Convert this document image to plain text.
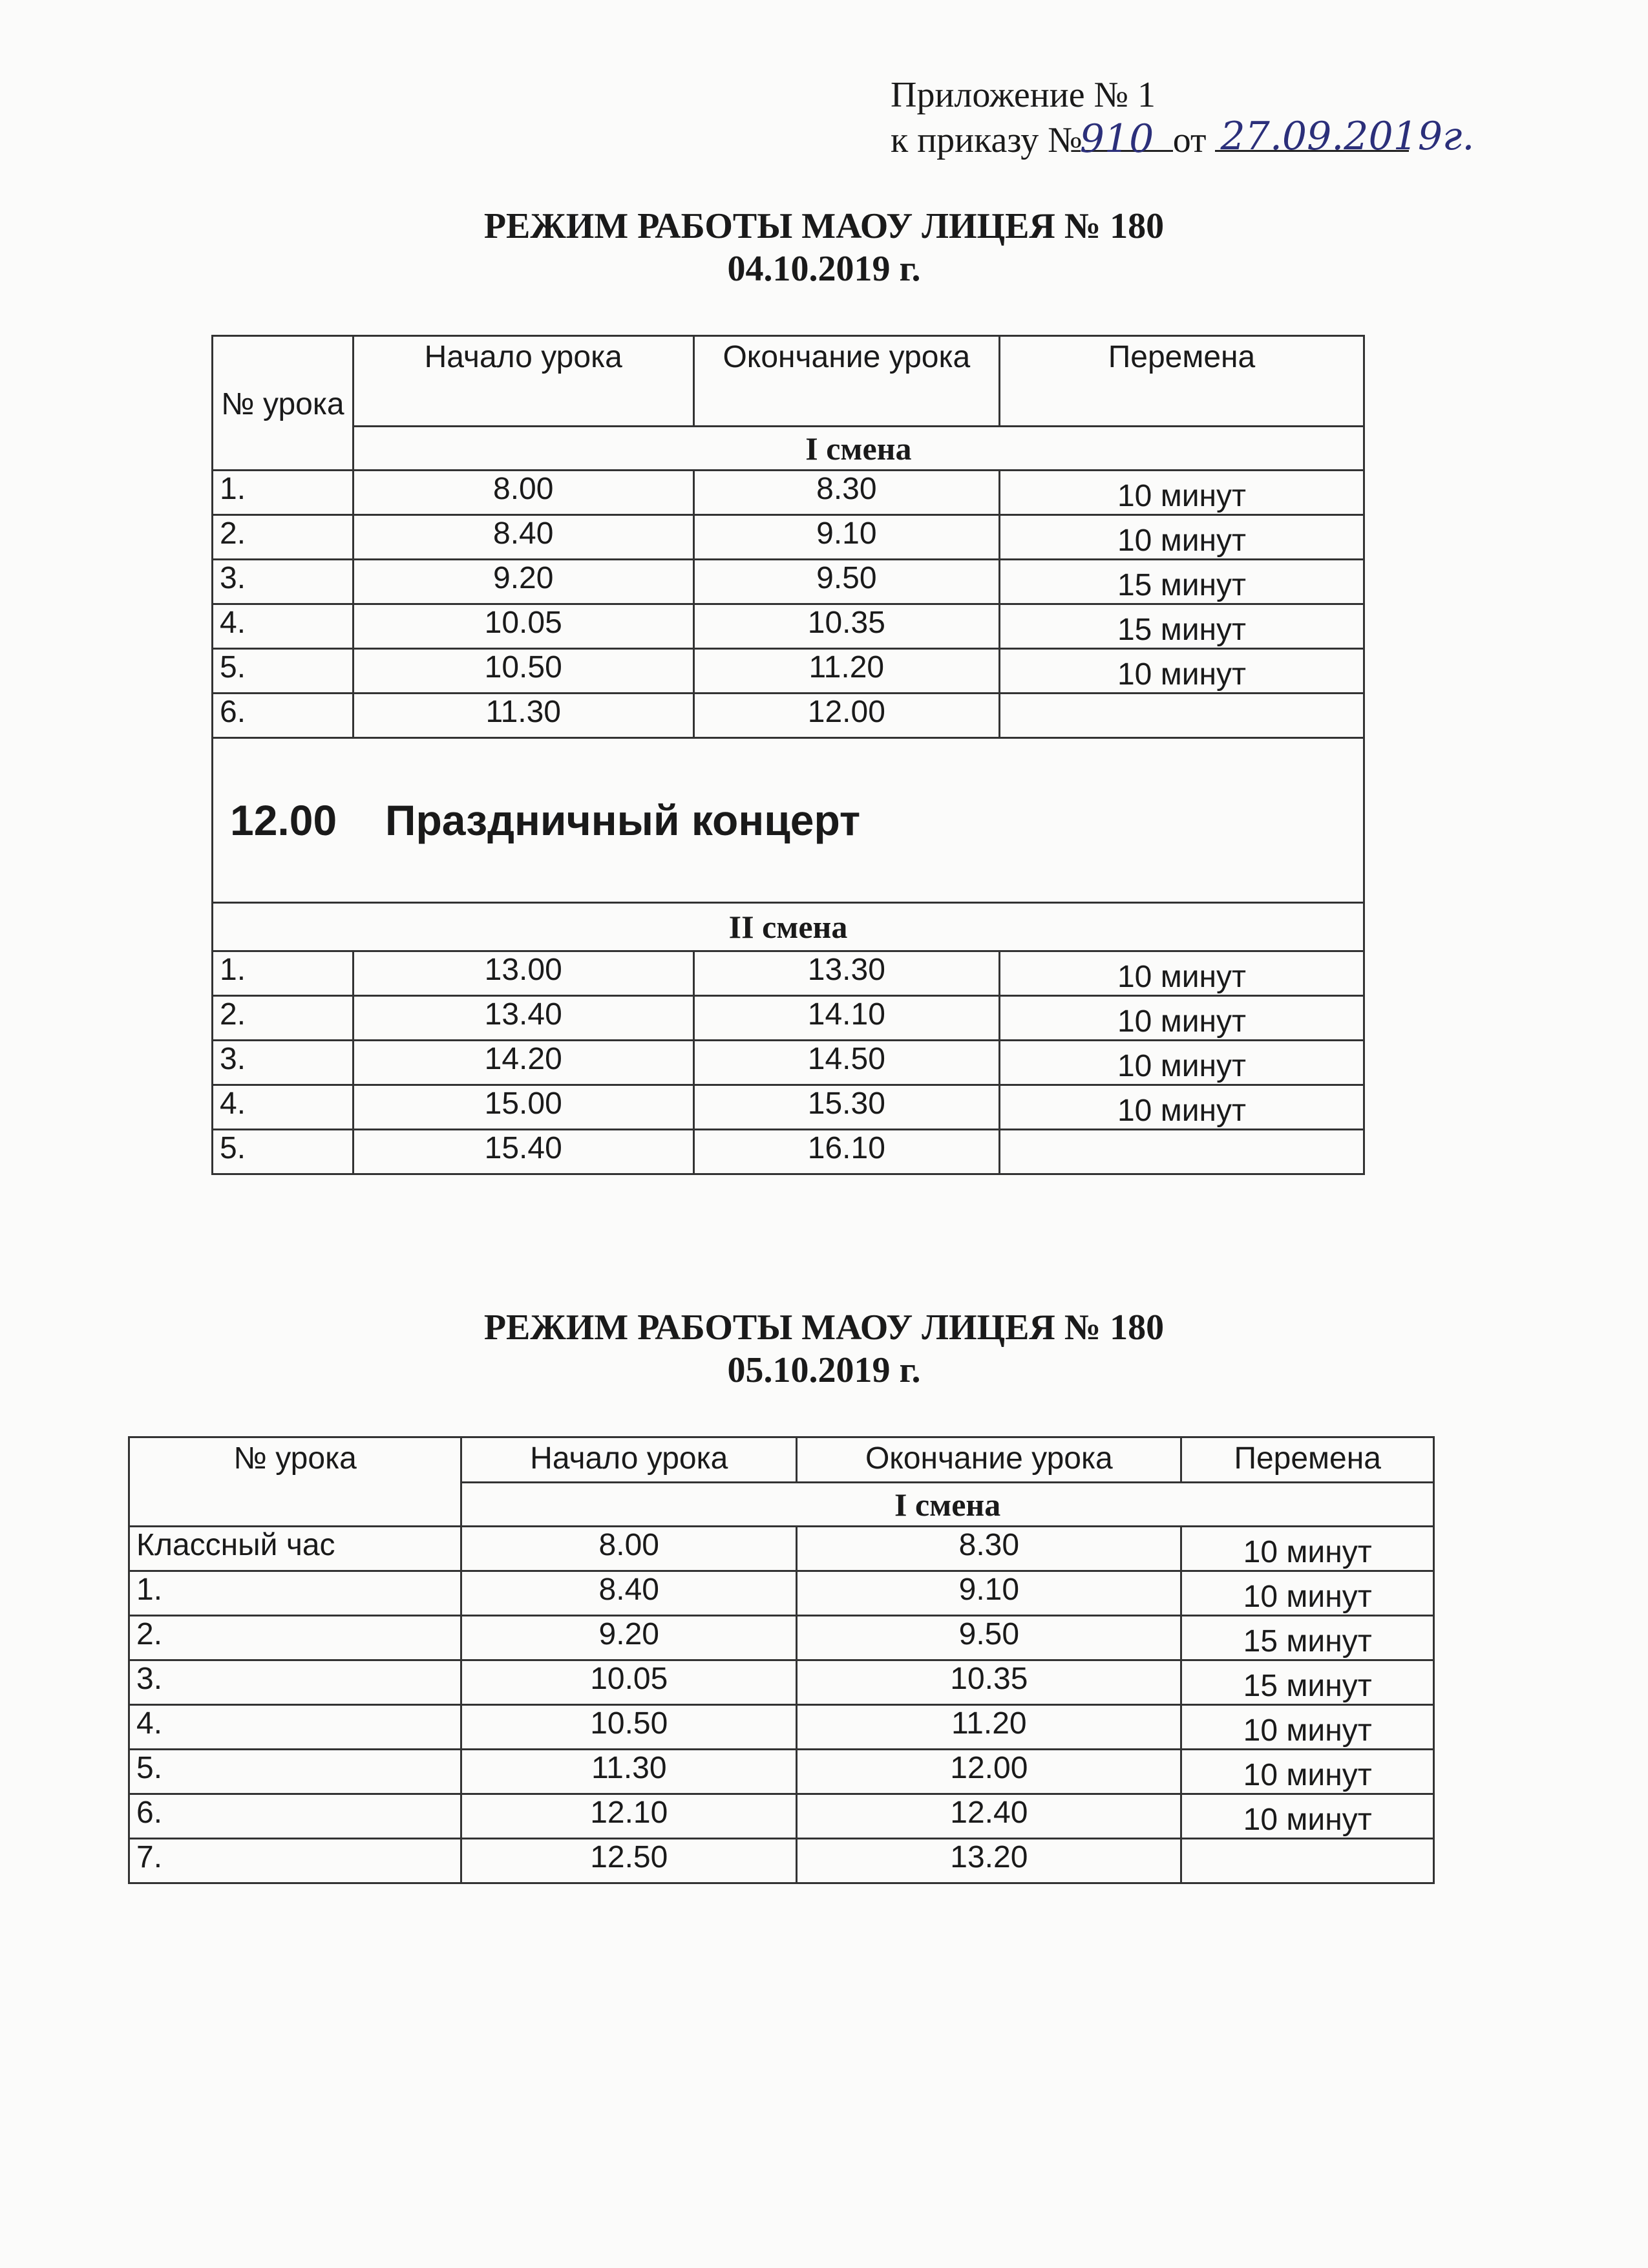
Приложение № 1
к приказу №
910 от 27.09.2019г.
РЕЖИМ РАБОТЫ МАОУ ЛИЦЕЯ № 180
04.10.2019 г.
№ урока	Начало урока	Окончание урока	Перемена
	I смена		
1.	8.00	8.30	10 минут
2.	8.40	9.10	10 минут
3.	9.20	9.50	15 минут
4.	10.05	10.35	15 минут
5.	10.50	11.20	10 минут
6.	11.30	12.00	
12.00 Праздничный концерт			
II смена			
1.	13.00	13.30	10 минут
2.	13.40	14.10	10 минут
3.	14.20	14.50	10 минут
4.	15.00	15.30	10 минут
5.	15.40	16.10	
РЕЖИМ РАБОТЫ МАОУ ЛИЦЕЯ № 180
05.10.2019 г.
№ урока	Начало урока	Окончание урока	Перемена
	I смена		
Классный час	8.00	8.30	10 минут
1.	8.40	9.10	10 минут
2.	9.20	9.50	15 минут
3.	10.05	10.35	15 минут
4.	10.50	11.20	10 минут
5.	11.30	12.00	10 минут
6.	12.10	12.40	10 минут
7.	12.50	13.20	
